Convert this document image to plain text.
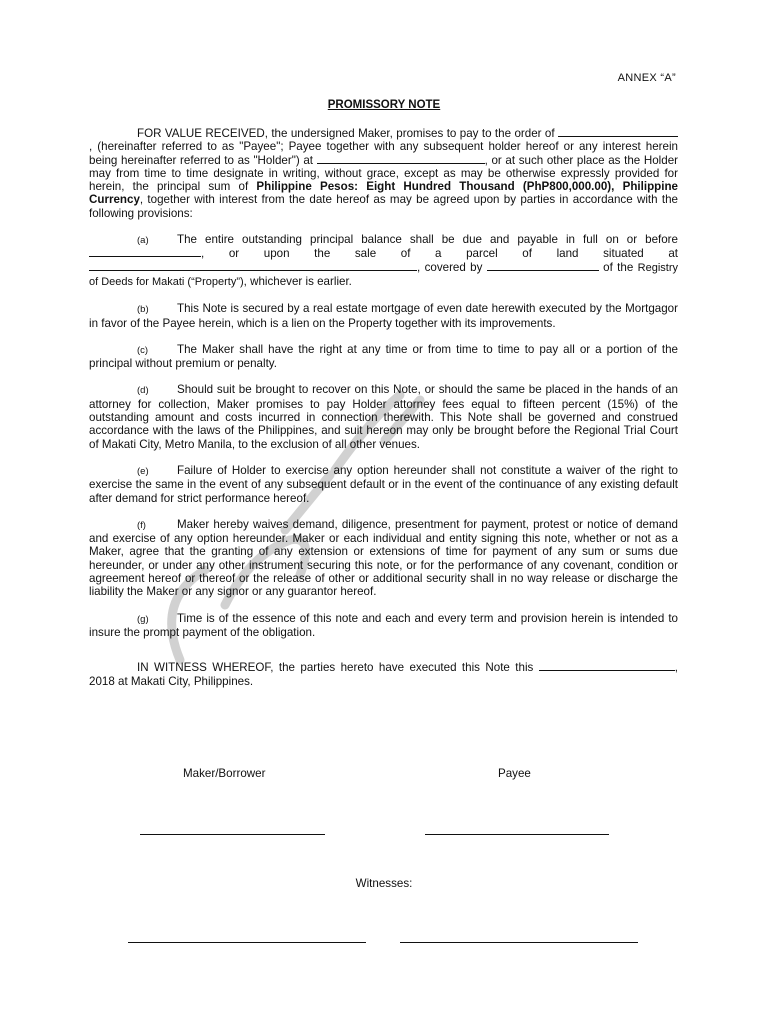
ANNEX “A”
PROMISSORY NOTE

FOR VALUE RECEIVED, the undersigned Maker, promises to pay to the order of , (hereinafter referred to as "Payee"; Payee together with any subsequent holder hereof or any interest herein being hereinafter referred to as "Holder") at	, or at such other place as the Holder may from time to time designate in writing, without grace, except as may be otherwise expressly provided for herein, the principal sum of Philippine Pesos: Eight Hundred Thousand (PhP800,000.00), Philippine Currency, together with interest from the date hereof as may be agreed upon by parties in accordance with the following provisions:

(a) The entire outstanding principal balance shall be due and payable in full on or before , or upon the sale of a parcel of land situated at , covered by	of the Registry of Deeds for Makati (“Property”), whichever is earlier.

(b) This Note is secured by a real estate mortgage of even date herewith executed by the Mortgagor in favor of the Payee herein, which is a lien on the Property together with its improvements.

(c) The Maker shall have the right at any time or from time to time to pay all or a portion of the principal without premium or penalty.

(d) Should suit be brought to recover on this Note, or should the same be placed in the hands of an attorney for collection, Maker promises to pay Holder attorney fees equal to fifteen percent (15%) of the outstanding amount and costs incurred in connection therewith. This Note shall be governed and construed accordance with the laws of the Philippines, and suit hereon may only be brought before the Regional Trial Court of Makati City, Metro Manila, to the exclusion of all other venues.

(e) Failure of Holder to exercise any option hereunder shall not constitute a waiver of the right to exercise the same in the event of any subsequent default or in the event of the continuance of any existing default after demand for strict performance hereof.

(f)	Maker hereby waives demand, diligence, presentment for payment, protest or notice of demand and exercise of any option hereunder. Maker or each individual and entity signing this note, whether or not as a Maker, agree that the granting of any extension or extensions of time for payment of any sum or sums due hereunder, or under any other instrument securing this note, or for the performance of any covenant, condition or agreement hereof or thereof or the release of other or additional security shall in no way release or discharge the liability the Maker or any signor or any guarantor hereof.

(g) Time is of the essence of this note and each and every term and provision herein is intended to insure the prompt payment of the obligation.

IN WITNESS WHEREOF, the parties hereto have executed this Note this	, 2018 at Makati City, Philippines.

Maker/Borrower	Payee
Witnesses:
